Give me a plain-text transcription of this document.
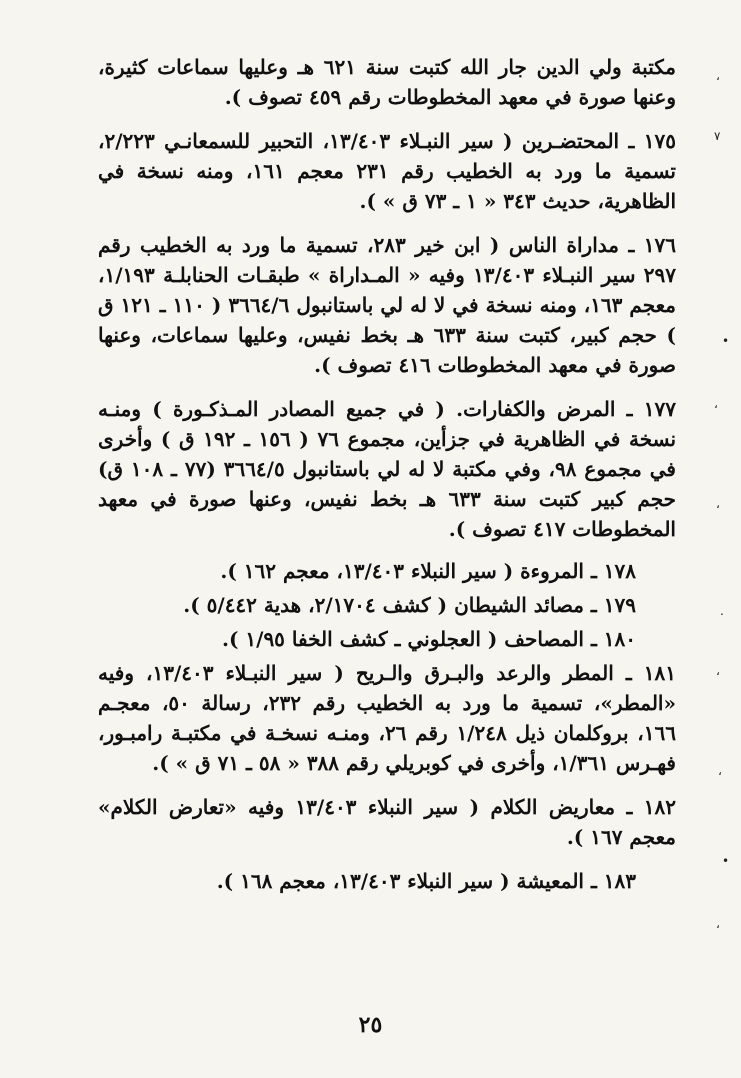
مكتبة ولي الدين جار الله كتبت سنة ٦٢١ هـ وعليها سماعات كثيرة، وعنها صورة في معهد المخطوطات رقم ٤٥٩ تصوف ).

١٧٥ ـ المحتضـرين ( سير النبـلاء ١٣/٤٠٣، التحبير للسمعانـي ٢/٢٢٣، تسمية ما ورد به الخطيب رقم ٢٣١ معجم ١٦١، ومنه نسخة في الظاهرية، حديث ٣٤٣ « ١ ـ ٧٣ ق » ).

١٧٦ ـ مداراة الناس ( ابن خير ٢٨٣، تسمية ما ورد به الخطيب رقم ٢٩٧ سير النبـلاء ١٣/٤٠٣ وفيه « المـداراة » طبقـات الحنابلـة ١/١٩٣، معجم ١٦٣، ومنه نسخة في لا له لي باستانبول ٣٦٦٤/٦ ( ١١٠ ـ ١٢١ ق ) حجم كبير، كتبت سنة ٦٣٣ هـ بخط نفيس، وعليها سماعات، وعنها صورة في معهد المخطوطات ٤١٦ تصوف ).

١٧٧ ـ المرض والكفارات. ( في جميع المصادر المـذكـورة ) ومنـه نسخة في الظاهرية في جزأين، مجموع ٧٦ ( ١٥٦ ـ ١٩٢ ق ) وأخرى في مجموع ٩٨، وفي مكتبة لا له لي باستانبول ٣٦٦٤/٥ (٧٧ ـ ١٠٨ ق) حجم كبير كتبت سنة ٦٣٣ هـ بخط نفيس، وعنها صورة في معهد المخطوطات ٤١٧ تصوف ).

١٧٨ ـ المروءة ( سير النبلاء ١٣/٤٠٣، معجم ١٦٢ ).

١٧٩ ـ مصائد الشيطان ( كشف ٢/١٧٠٤، هدية ٥/٤٤٢ ).

١٨٠ ـ المصاحف ( العجلوني ـ كشف الخفا ١/٩٥ ).

١٨١ ـ المطر والرعد والبـرق والـريح ( سير النبـلاء ١٣/٤٠٣، وفيه «المطر»، تسمية ما ورد به الخطيب رقم ٢٣٢، رسالة ٥٠، معجـم ١٦٦، بروكلمان ذيل ١/٢٤٨ رقم ٢٦، ومنـه نسخـة في مكتبـة رامبـور، فهـرس ١/٣٦١، وأخرى في كوبريلي رقم ٣٨٨ « ٥٨ ـ ٧١ ق » ).

١٨٢ ـ معاريض الكلام ( سير النبلاء ١٣/٤٠٣ وفيه «تعارض الكلام» معجم ١٦٧ ).

١٨٣ ـ المعيشة ( سير النبلاء ١٣/٤٠٣، معجم ١٦٨ ).

٢٥
،
٧
•
،
،
.
،
،
•
،
